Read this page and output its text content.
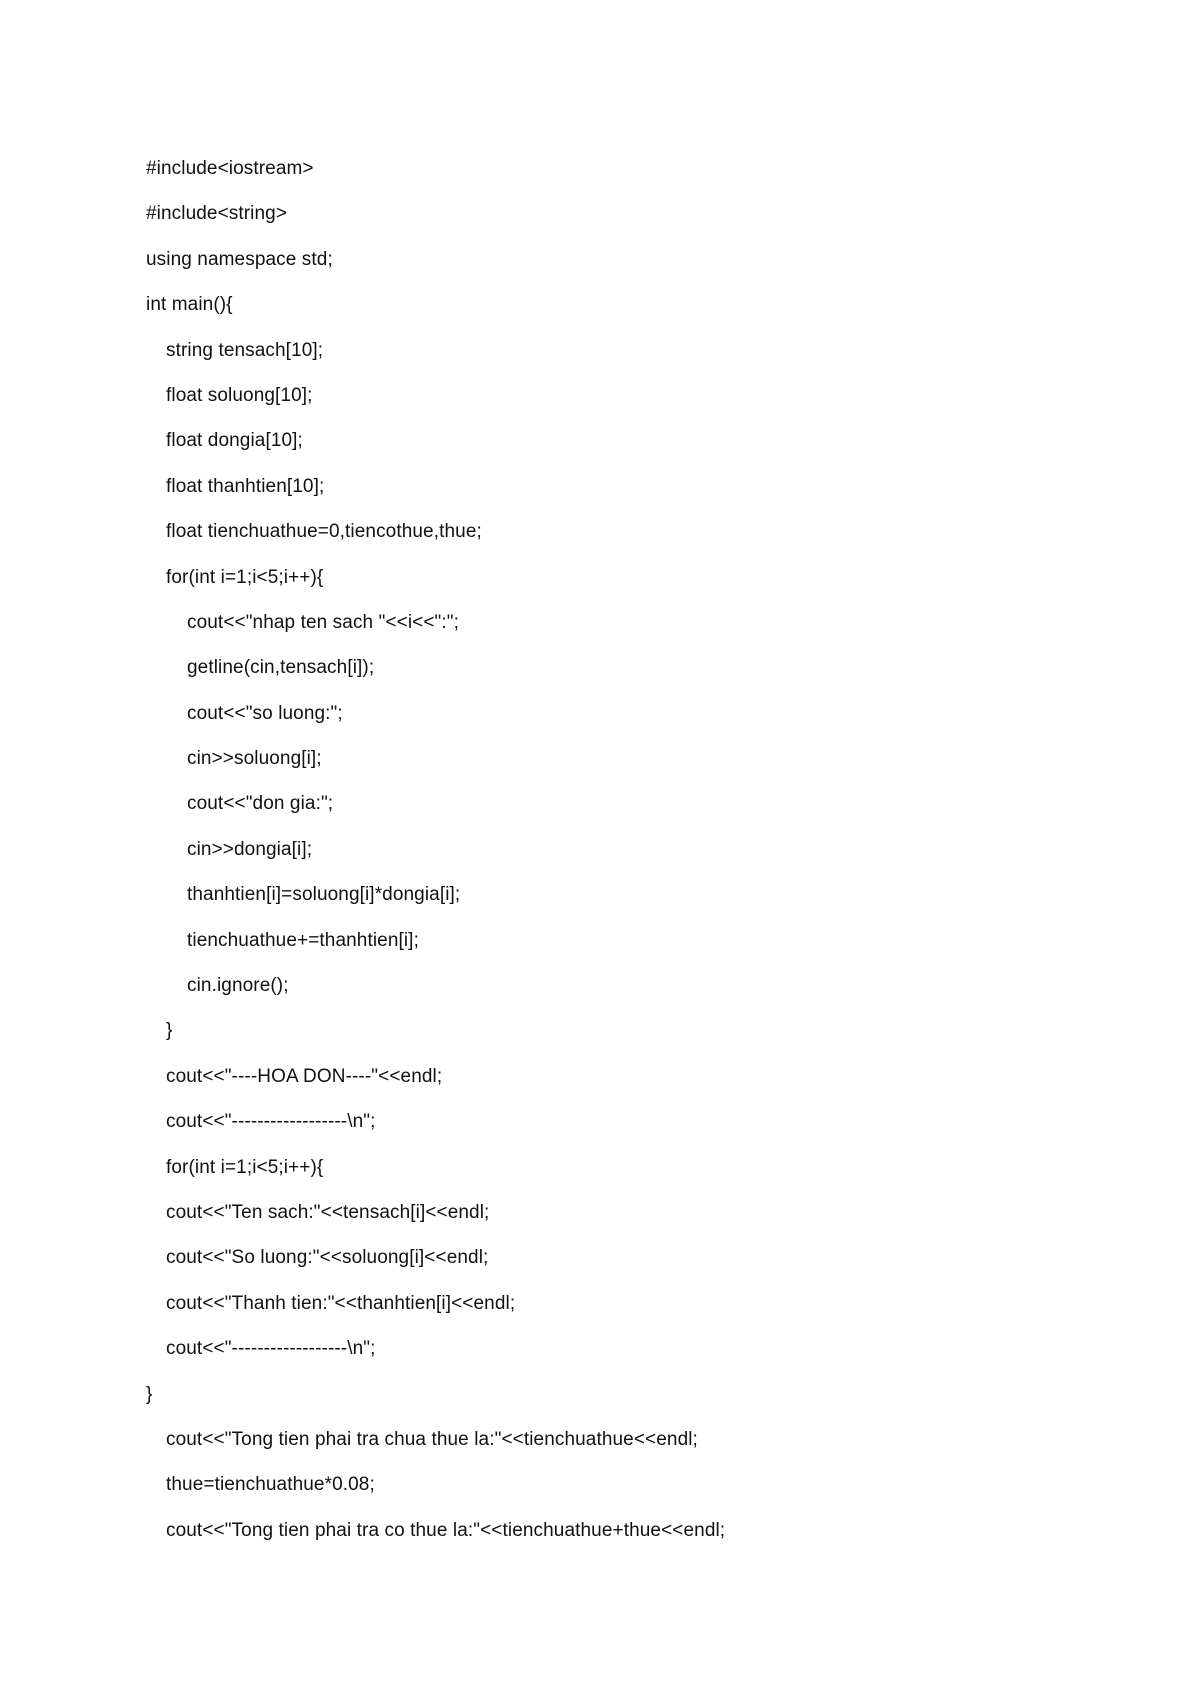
#include<iostream>
#include<string>
using namespace std;
int main(){
string tensach[10];
float soluong[10];
float dongia[10];
float thanhtien[10];
float tienchuathue=0,tiencothue,thue;
for(int i=1;i<5;i++){
cout<<"nhap ten sach "<<i<<":";
getline(cin,tensach[i]);
cout<<"so luong:";
cin>>soluong[i];
cout<<"don gia:";
cin>>dongia[i];
thanhtien[i]=soluong[i]*dongia[i];
tienchuathue+=thanhtien[i];
cin.ignore();
}
cout<<"----HOA DON----"<<endl;
cout<<"------------------\n";
for(int i=1;i<5;i++){
cout<<"Ten sach:"<<tensach[i]<<endl;
cout<<"So luong:"<<soluong[i]<<endl;
cout<<"Thanh tien:"<<thanhtien[i]<<endl;
cout<<"------------------\n";
}
cout<<"Tong tien phai tra chua thue la:"<<tienchuathue<<endl;
thue=tienchuathue*0.08;
cout<<"Tong tien phai tra co thue la:"<<tienchuathue+thue<<endl;
